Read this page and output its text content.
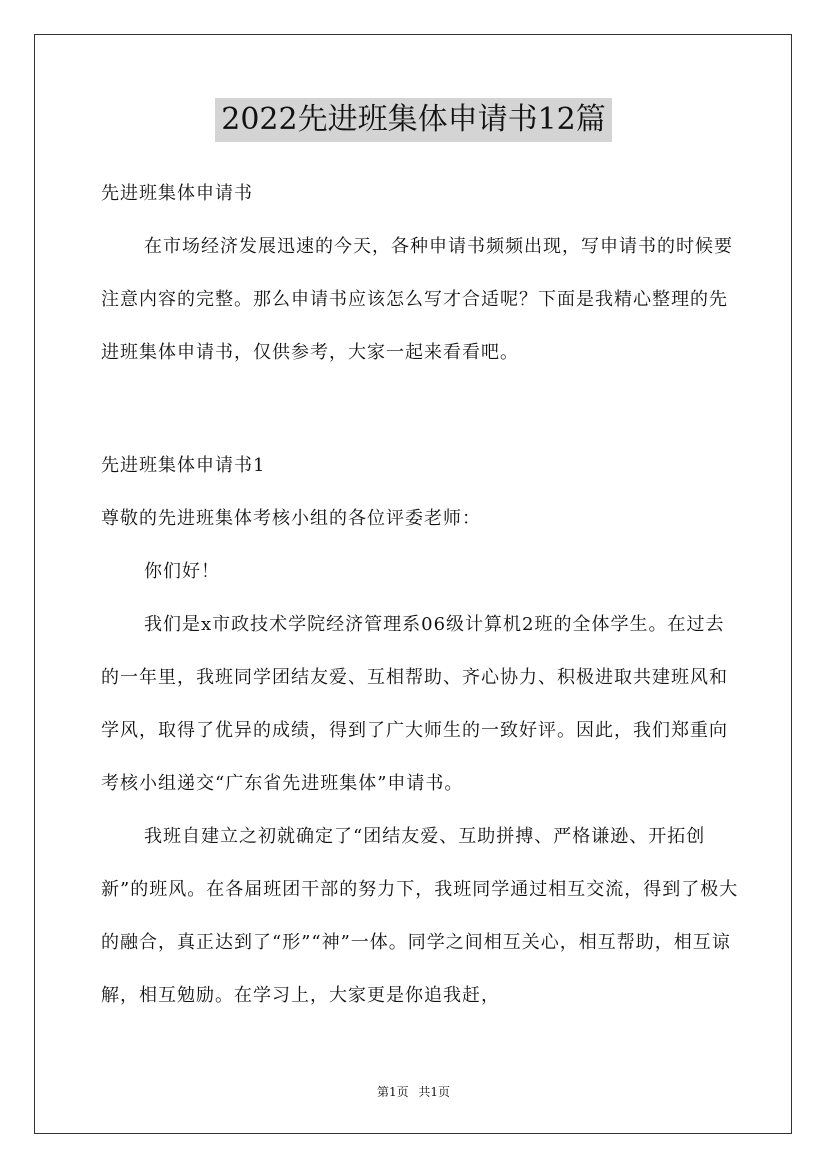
2022先进班集体申请书12篇

先进班集体申请书

在市场经济发展迅速的今天，各种申请书频频出现，写申请书的时候要注意内容的完整。那么申请书应该怎么写才合适呢？下面是我精心整理的先进班集体申请书，仅供参考，大家一起来看看吧。

先进班集体申请书1

尊敬的先进班集体考核小组的各位评委老师：

你们好！

我们是x市政技术学院经济管理系06级计算机2班的全体学生。在过去的一年里，我班同学团结友爱、互相帮助、齐心协力、积极进取共建班风和学风，取得了优异的成绩，得到了广大师生的一致好评。因此，我们郑重向考核小组递交“广东省先进班集体”申请书。

我班自建立之初就确定了“团结友爱、互助拼搏、严格谦逊、开拓创新”的班风。在各届班团干部的努力下，我班同学通过相互交流，得到了极大的融合，真正达到了“形”“神”一体。同学之间相互关心，相互帮助，相互谅解，相互勉励。在学习上，大家更是你追我赶，

第1页 共1页
